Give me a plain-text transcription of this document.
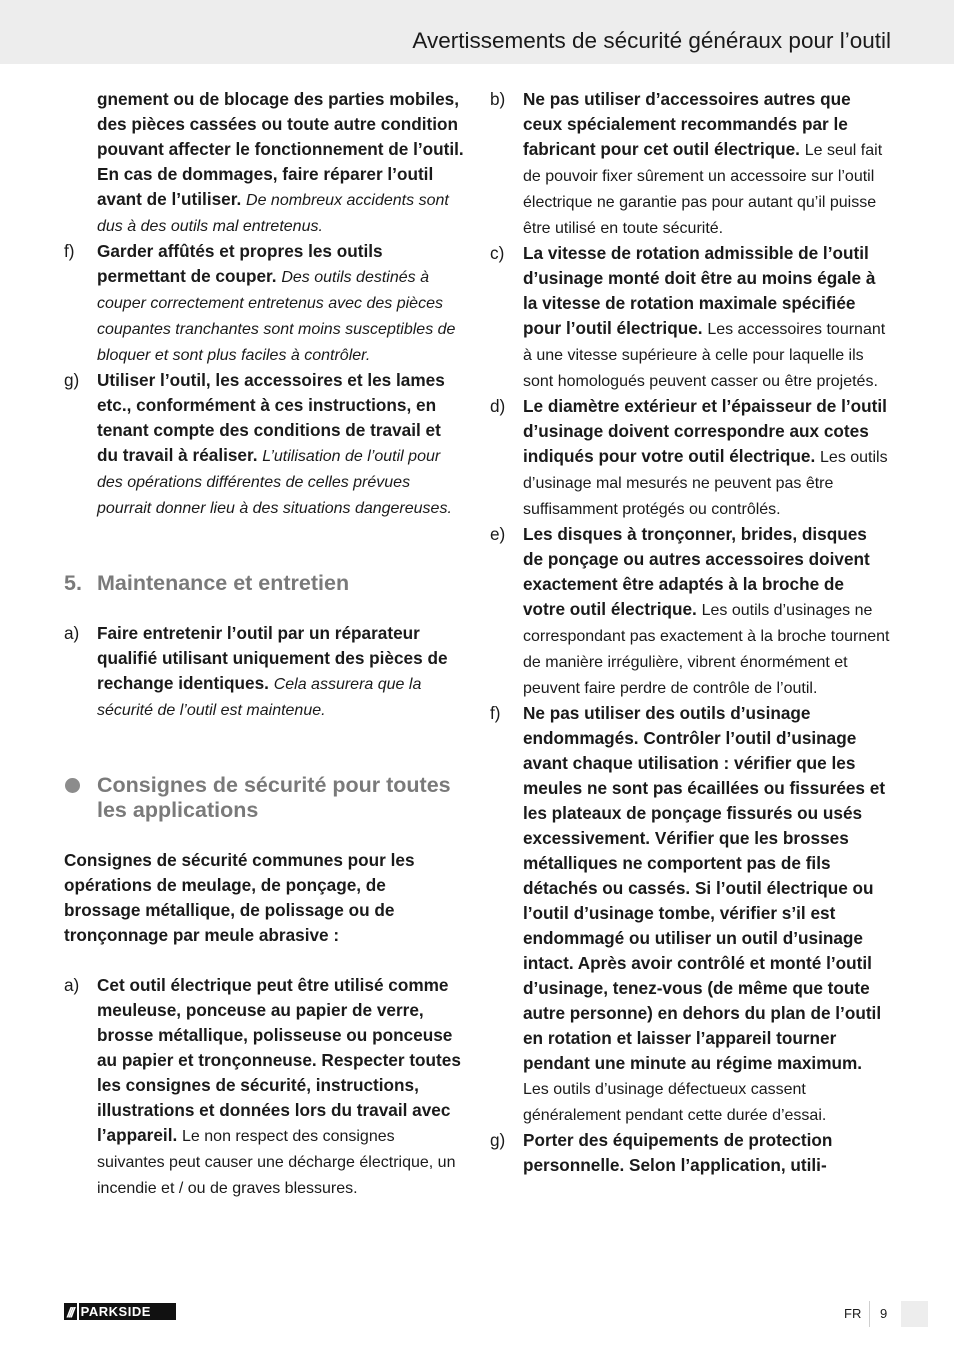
Avertissements de sécurité généraux pour l’outil
gnement ou de blocage des parties mobiles, des pièces cassées ou toute autre condition pouvant affecter le fonctionnement de l’outil. En cas de dommages, faire réparer l’outil avant de l’utiliser. De nombreux accidents sont dus à des outils mal entretenus.
f) Garder affûtés et propres les outils permettant de couper. Des outils destinés à couper correctement entretenus avec des pièces coupantes tranchantes sont moins susceptibles de bloquer et sont plus faciles à contrôler.
g) Utiliser l’outil, les accessoires et les lames etc., conformément à ces instructions, en tenant compte des conditions de travail et du travail à réaliser. L’utilisation de l’outil pour des opérations différentes de celles prévues pourrait donner lieu à des situations dangereuses.
5. Maintenance et entretien
a) Faire entretenir l’outil par un réparateur qualifié utilisant uniquement des pièces de rechange identiques. Cela assurera que la sécurité de l’outil est maintenue.
Consignes de sécurité pour toutes les applications
Consignes de sécurité communes pour les opérations de meulage, de ponçage, de brossage métallique, de polissage ou de tronçonnage par meule abrasive :
a) Cet outil électrique peut être utilisé comme meuleuse, ponceuse au papier de verre, brosse métallique, polisseuse ou ponceuse au papier et tronçonneuse. Respecter toutes les consignes de sécurité, instructions, illustrations et données lors du travail avec l’appareil. Le non respect des consignes suivantes peut causer une décharge électrique, un incendie et / ou de graves blessures.
b) Ne pas utiliser d’accessoires autres que ceux spécialement recommandés par le fabricant pour cet outil électrique. Le seul fait de pouvoir fixer sûrement un accessoire sur l’outil électrique ne garantie pas pour autant qu’il puisse être utilisé en toute sécurité.
c) La vitesse de rotation admissible de l’outil d’usinage monté doit être au moins égale à la vitesse de rotation maximale spécifiée pour l’outil électrique. Les accessoires tournant à une vitesse supérieure à celle pour laquelle ils sont homologués peuvent casser ou être projetés.
d) Le diamètre extérieur et l’épaisseur de l’outil d’usinage doivent correspondre aux cotes indiqués pour votre outil électrique. Les outils d’usinage mal mesurés ne peuvent pas être suffisamment protégés ou contrôlés.
e) Les disques à tronçonner, brides, disques de ponçage ou autres accessoires doivent exactement être adaptés à la broche de votre outil électrique. Les outils d’usinages ne correspondant pas exactement à la broche tournent de manière irrégulière, vibrent énormément et peuvent faire perdre de contrôle de l’outil.
f) Ne pas utiliser des outils d’usinage endommagés. Contrôler l’outil d’usinage avant chaque utilisation : vérifier que les meules ne sont pas écaillées ou fissurées et les plateaux de ponçage fissurés ou usés excessivement. Vérifier que les brosses métalliques ne comportent pas de fils détachés ou cassés. Si l’outil électrique ou l’outil d’usinage tombe, vérifier s’il est endommagé ou utiliser un outil d’usinage intact. Après avoir contrôlé et monté l’outil d’usinage, tenez-vous (de même que toute autre personne) en dehors du plan de l’outil en rotation et laisser l’appareil tourner pendant une minute au régime maximum. Les outils d’usinage défectueux cassent généralement pendant cette durée d’essai.
g) Porter des équipements de protection personnelle. Selon l’application, utili-
/// PARKSIDE	FR 9
